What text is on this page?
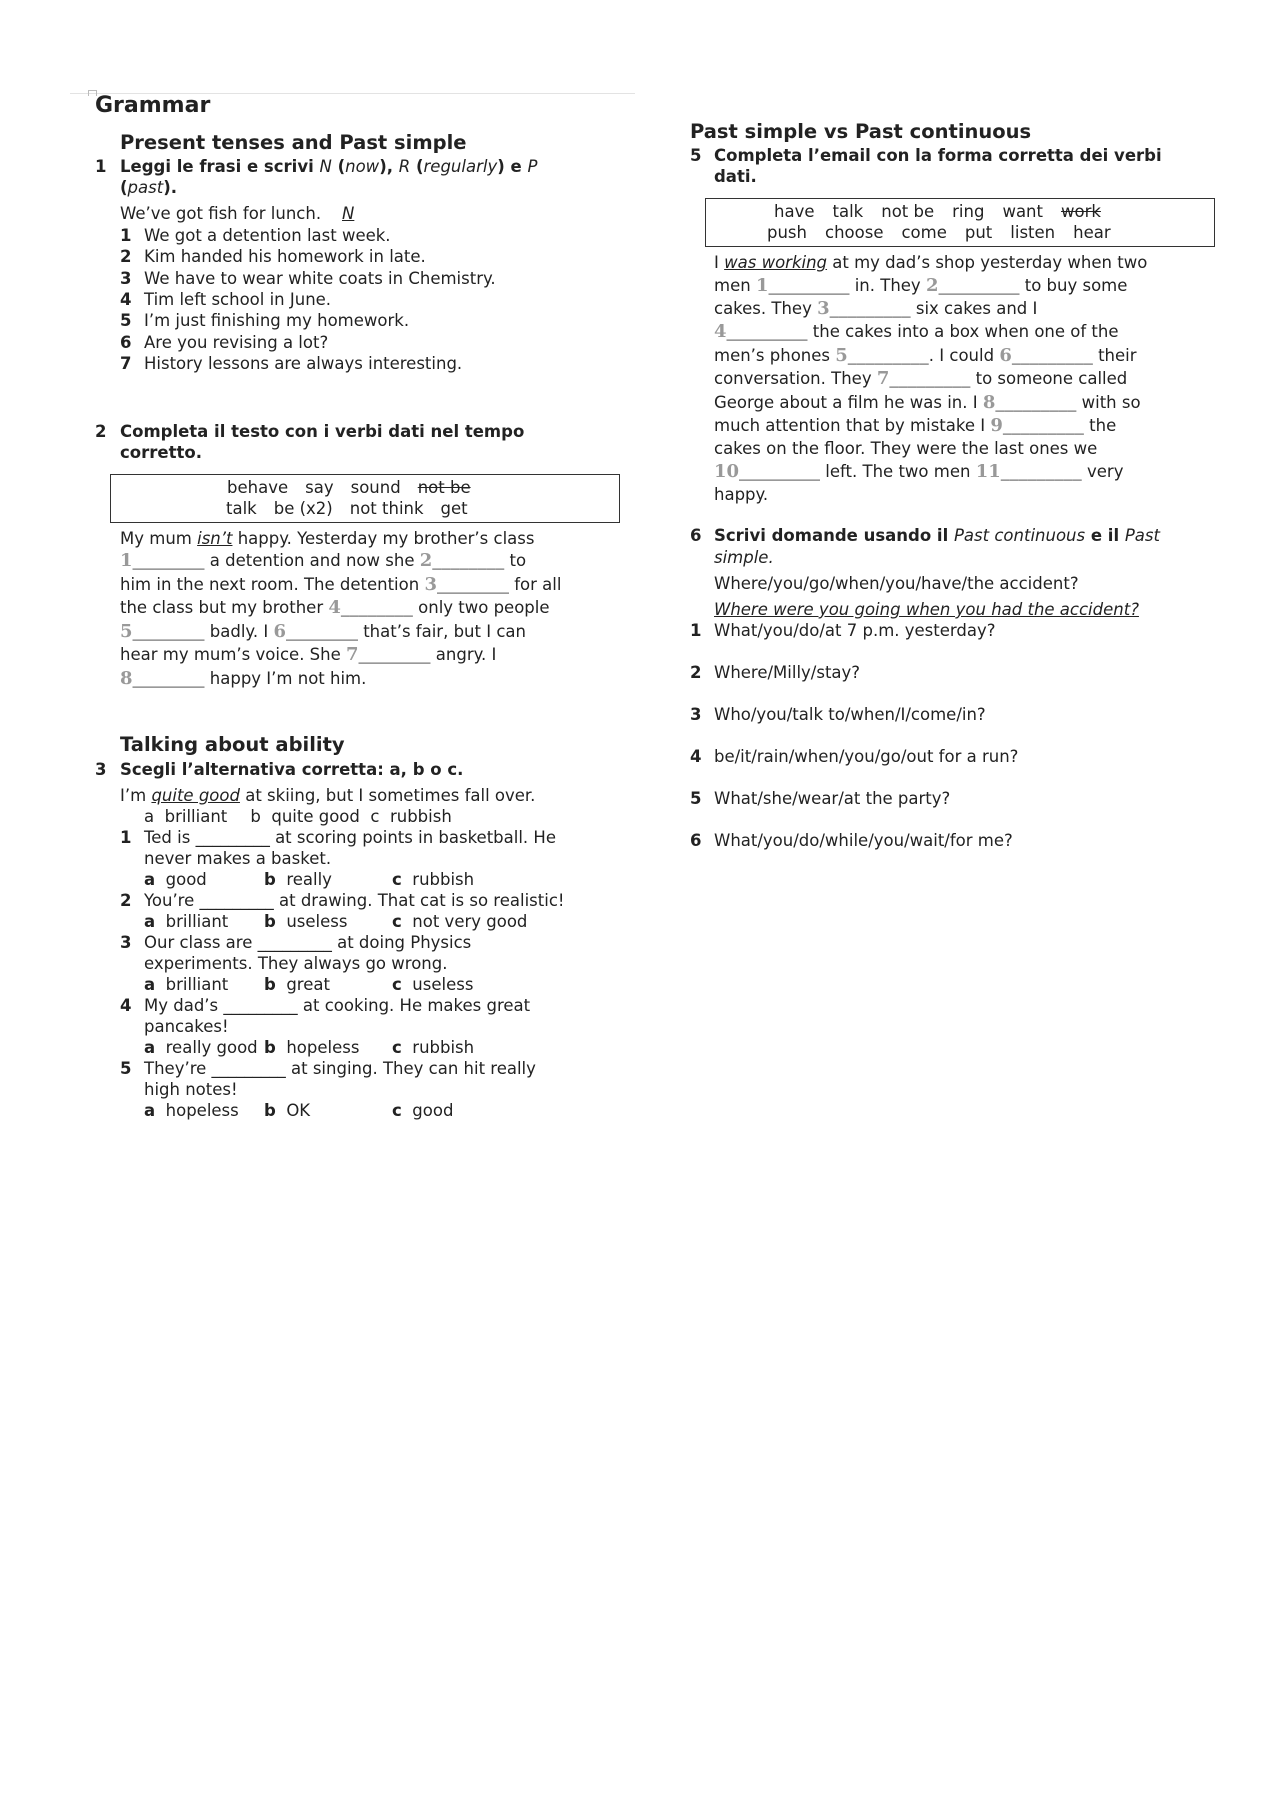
Grammar
Present tenses and Past simple
1 Leggi le frasi e scrivi N (now), R (regularly) e P
(past).
We’ve got fish for lunch. N
1 We got a detention last week.
2 Kim handed his homework in late.
3 We have to wear white coats in Chemistry.
4 Tim left school in June.
5 I’m just finishing my homework.
6 Are you revising a lot?
7 History lessons are always interesting.
2 Completa il testo con i verbi dati nel tempo
corretto.
behave say sound not be
talk be (x2) not think get
My mum isn’t happy. Yesterday my brother’s class
1________ a detention and now she 2________ to
him in the next room. The detention 3________ for all
the class but my brother 4________ only two people
5________ badly. I 6________ that’s fair, but I can
hear my mum’s voice. She 7________ angry. I
8________ happy I’m not him.
Talking about ability
3 Scegli l’alternativa corretta: a, b o c.
I’m quite good at skiing, but I sometimes fall over.
a brilliant b quite good c rubbish
1 Ted is _________ at scoring points in basketball. He
never makes a basket.
a good	b really	c rubbish
2 You’re _________ at drawing. That cat is so realistic!
a brilliant b useless	c not very good
3 Our class are _________ at doing Physics
experiments. They always go wrong.
a brilliant b great	c useless
4 My dad’s _________ at cooking. He makes great
pancakes!
a really good b hopeless c rubbish
5 They’re _________ at singing. They can hit really
high notes!
a hopeless b OK	c good
Past simple vs Past continuous
5 Completa l’email con la forma corretta dei verbi
dati.
have talk not be ring want work
push choose come put listen hear
I was working at my dad’s shop yesterday when two
men 1_________ in. They 2_________ to buy some
cakes. They 3_________ six cakes and I
4_________ the cakes into a box when one of the
men’s phones 5_________. I could 6_________ their
conversation. They 7_________ to someone called
George about a film he was in. I 8_________ with so
much attention that by mistake I 9_________ the
cakes on the floor. They were the last ones we
10_________ left. The two men 11_________ very
happy.
6 Scrivi domande usando il Past continuous e il Past
simple.
Where/you/go/when/you/have/the accident?
Where were you going when you had the accident?
1 What/you/do/at 7 p.m. yesterday?
2 Where/Milly/stay?
3 Who/you/talk to/when/I/come/in?
4 be/it/rain/when/you/go/out for a run?
5 What/she/wear/at the party?
6 What/you/do/while/you/wait/for me?
